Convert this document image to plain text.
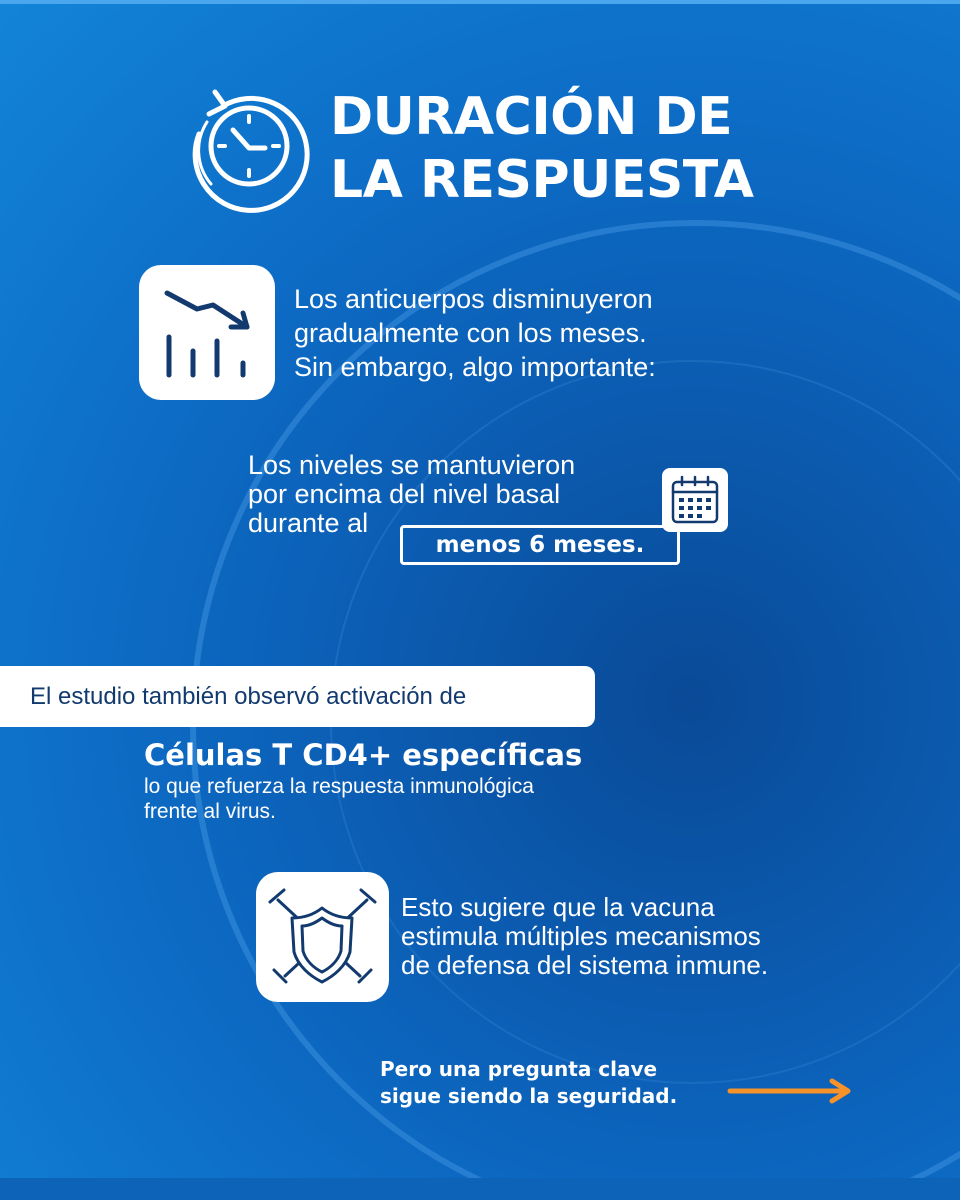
DURACIÓN DE
LA RESPUESTA
Los anticuerpos disminuyeron
gradualmente con los meses.
Sin embargo, algo importante:
Los niveles se mantuvieron
por encima del nivel basal
durante al
menos 6 meses.
El estudio también observó activación de
Células T CD4+ específicas
lo que refuerza la respuesta inmunológica
frente al virus.
Esto sugiere que la vacuna
estimula múltiples mecanismos
de defensa del sistema inmune.
Pero una pregunta clave
sigue siendo la seguridad.
